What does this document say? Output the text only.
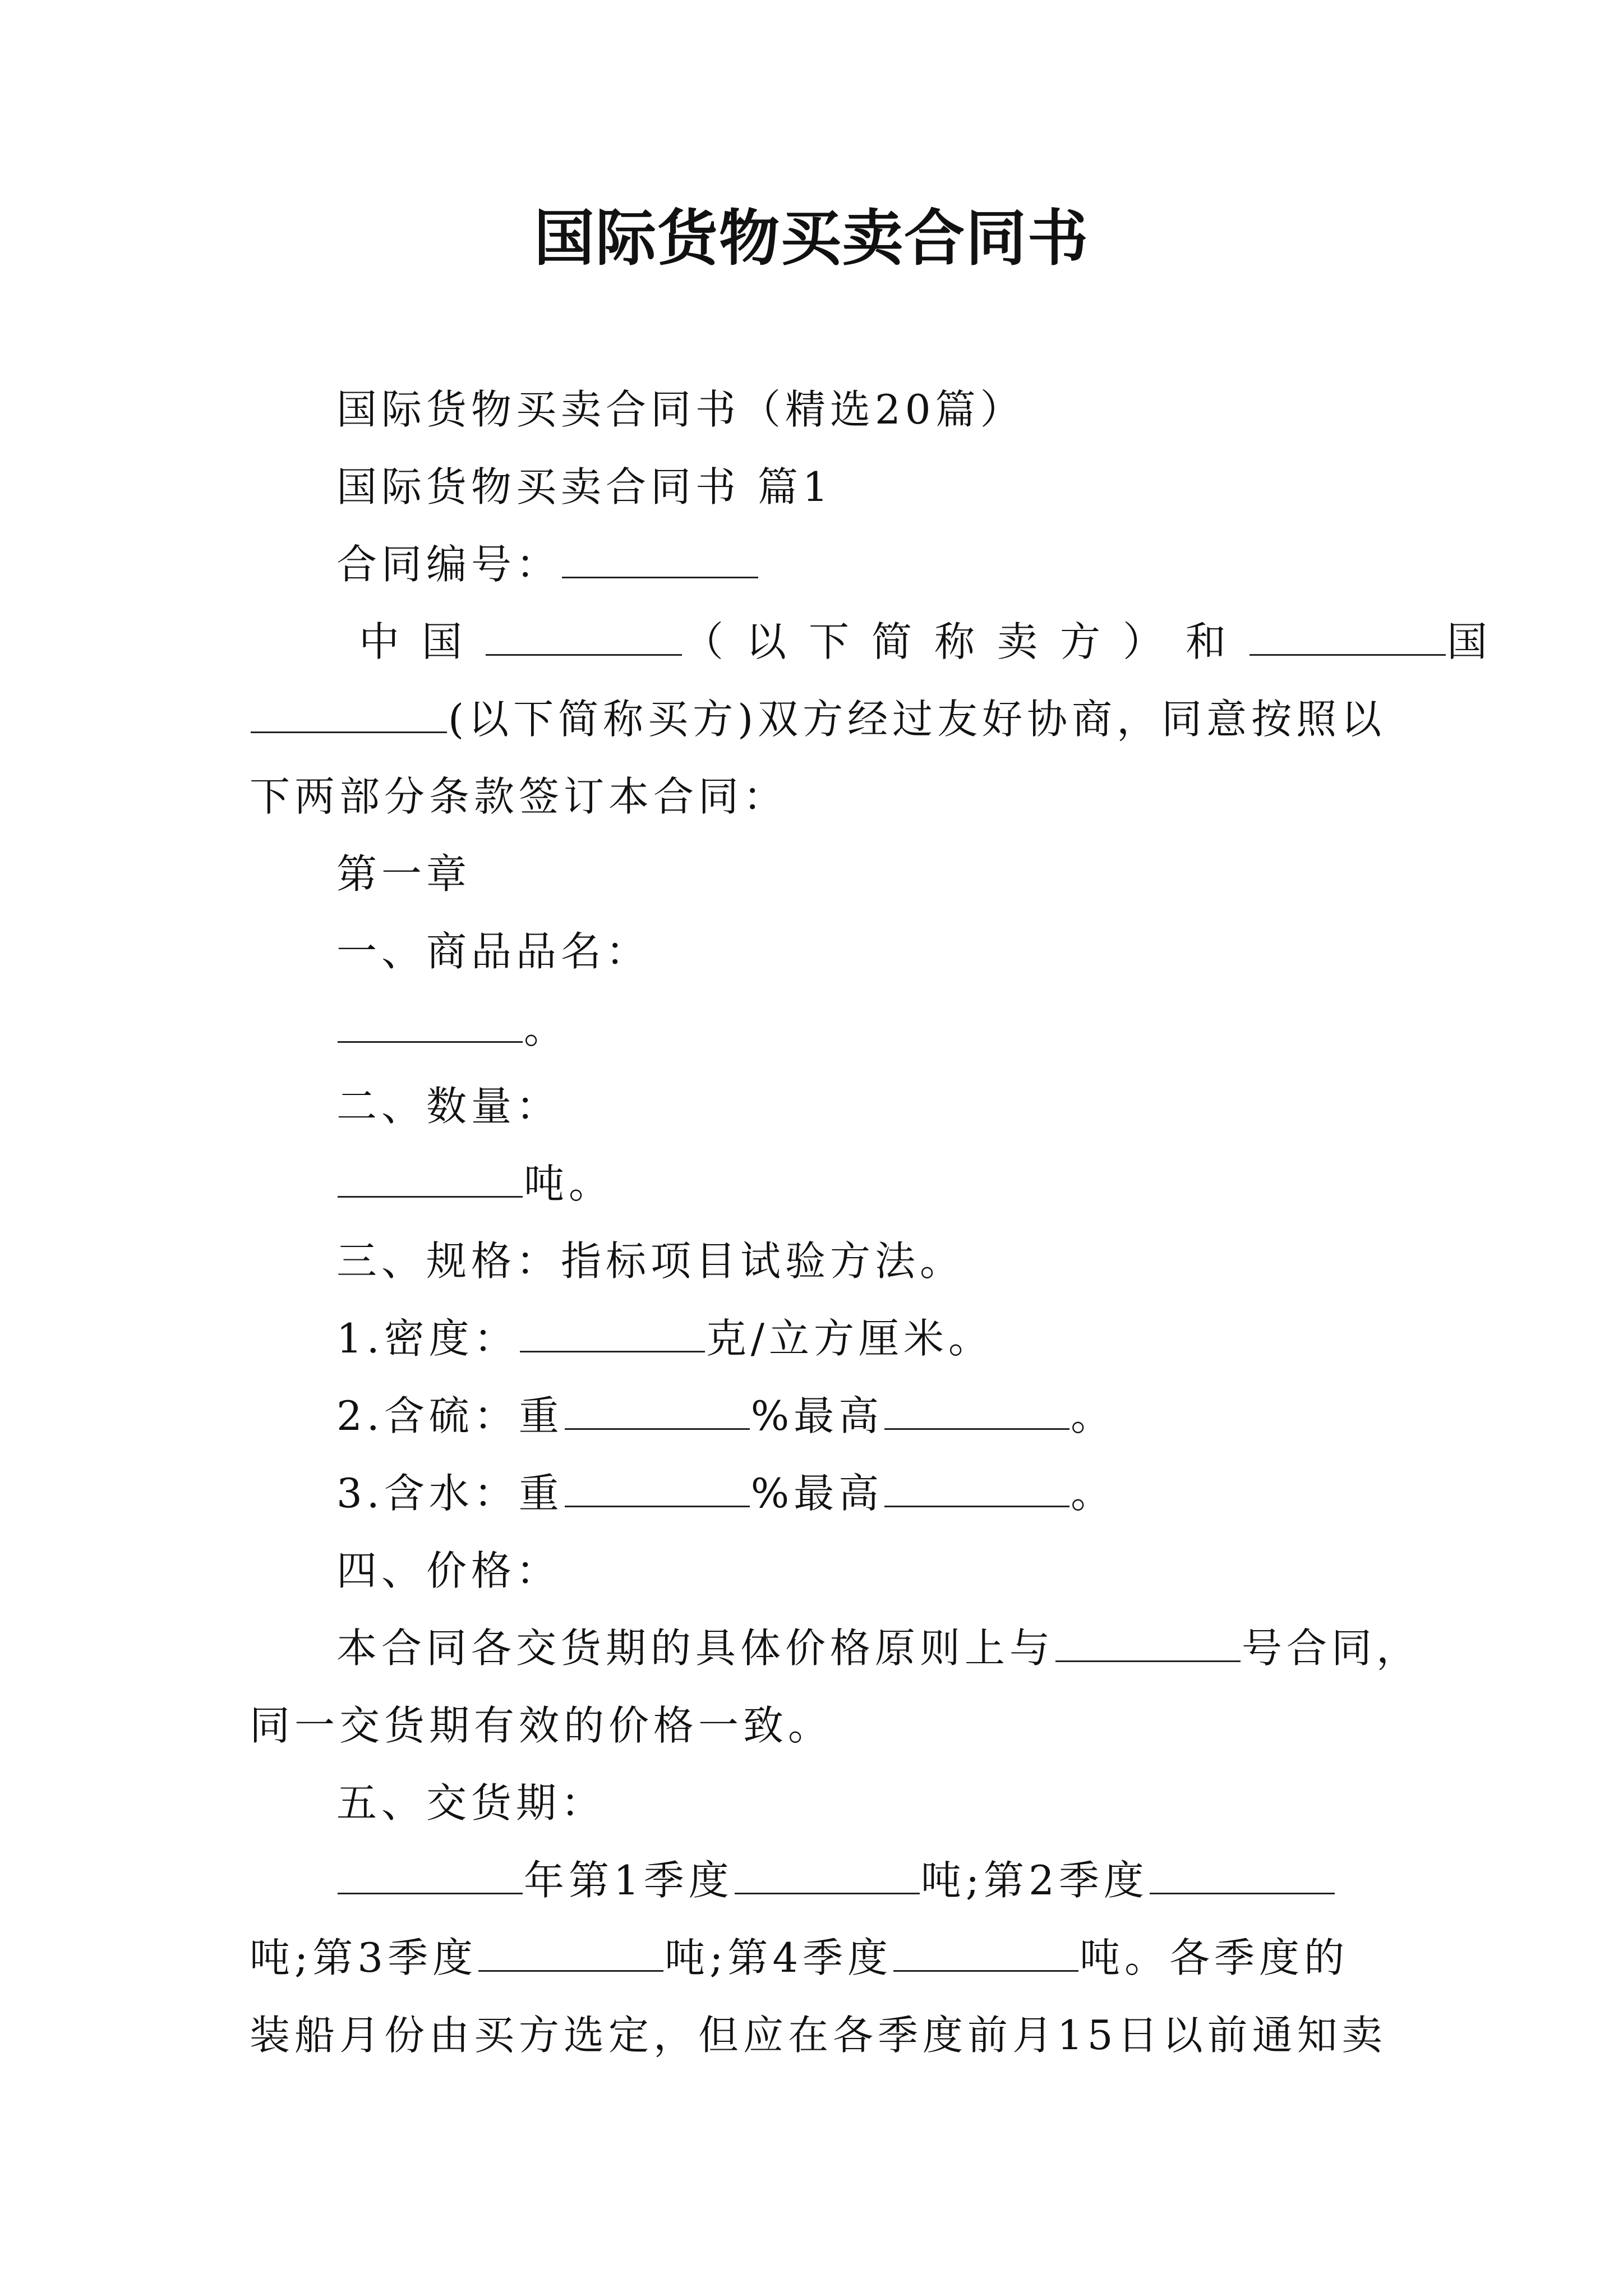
国际货物买卖合同书
国际货物买卖合同书（精选20篇）
国际货物买卖合同书 篇1
合同编号：
中国	（以下简称卖方）和	国
(以下简称买方)双方经过友好协商，同意按照以
下两部分条款签订本合同：
第一章
一、商品品名：
。
二、数量：
吨。
三、规格：指标项目试验方法。
1.密度：	克/立方厘米。
2.含硫：重	%最高	。
3.含水：重	%最高	。
四、价格：
本合同各交货期的具体价格原则上与	号合同，
同一交货期有效的价格一致。
五、交货期：
年第1季度	吨;第2季度
吨;第3季度	吨;第4季度	吨。各季度的
装船月份由买方选定，但应在各季度前月15日以前通知卖
